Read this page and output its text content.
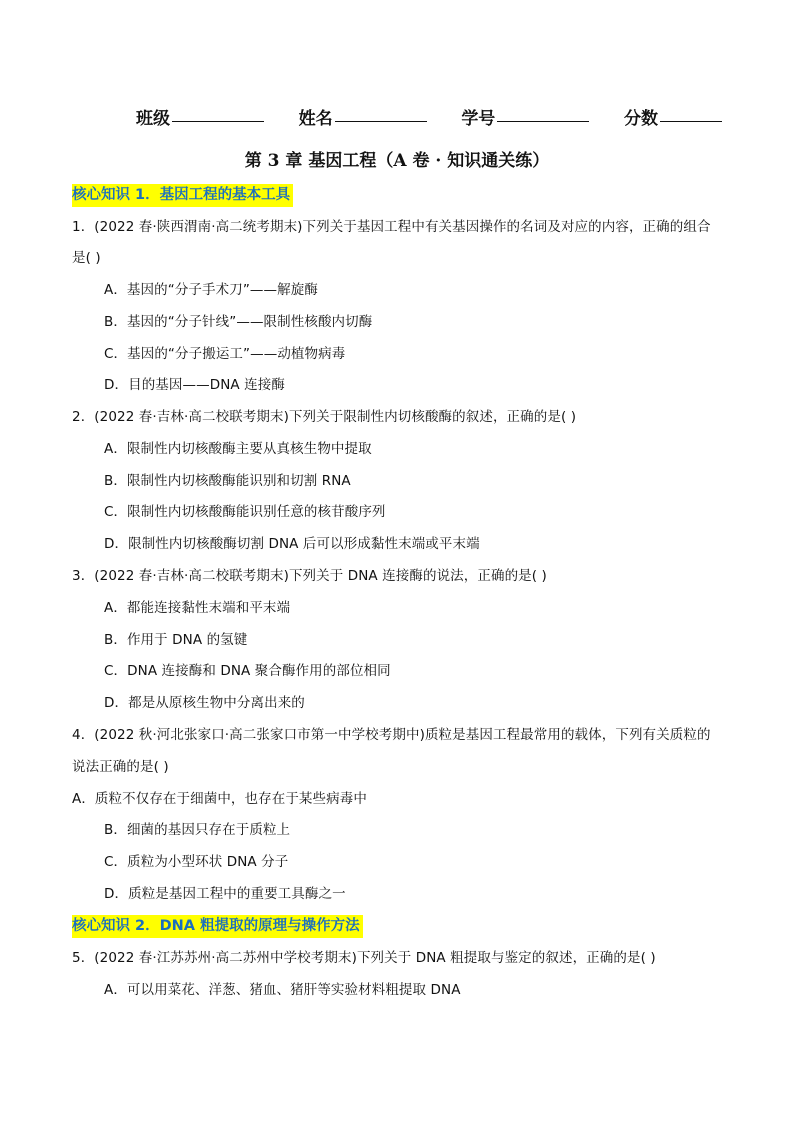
班级	姓名	学号	分数
第 3 章 基因工程（A 卷 · 知识通关练）
核心知识 1．基因工程的基本工具
1．(2022 春·陕西渭南·高二统考期末)下列关于基因工程中有关基因操作的名词及对应的内容，正确的组合
是( )
A．基因的“分子手术刀”——解旋酶
B．基因的“分子针线”——限制性核酸内切酶
C．基因的“分子搬运工”——动植物病毒
D．目的基因——DNA 连接酶
2．(2022 春·吉林·高二校联考期末)下列关于限制性内切核酸酶的叙述，正确的是( )
A．限制性内切核酸酶主要从真核生物中提取
B．限制性内切核酸酶能识别和切割 RNA
C．限制性内切核酸酶能识别任意的核苷酸序列
D．限制性内切核酸酶切割 DNA 后可以形成黏性末端或平末端
3．(2022 春·吉林·高二校联考期末)下列关于 DNA 连接酶的说法，正确的是( )
A．都能连接黏性末端和平末端
B．作用于 DNA 的氢键
C．DNA 连接酶和 DNA 聚合酶作用的部位相同
D．都是从原核生物中分离出来的
4．(2022 秋·河北张家口·高二张家口市第一中学校考期中)质粒是基因工程最常用的载体，下列有关质粒的
说法正确的是( )
A．质粒不仅存在于细菌中，也存在于某些病毒中
B．细菌的基因只存在于质粒上
C．质粒为小型环状 DNA 分子
D．质粒是基因工程中的重要工具酶之一
核心知识 2．DNA 粗提取的原理与操作方法
5．(2022 春·江苏苏州·高二苏州中学校考期末)下列关于 DNA 粗提取与鉴定的叙述，正确的是( )
A．可以用菜花、洋葱、猪血、猪肝等实验材料粗提取 DNA
